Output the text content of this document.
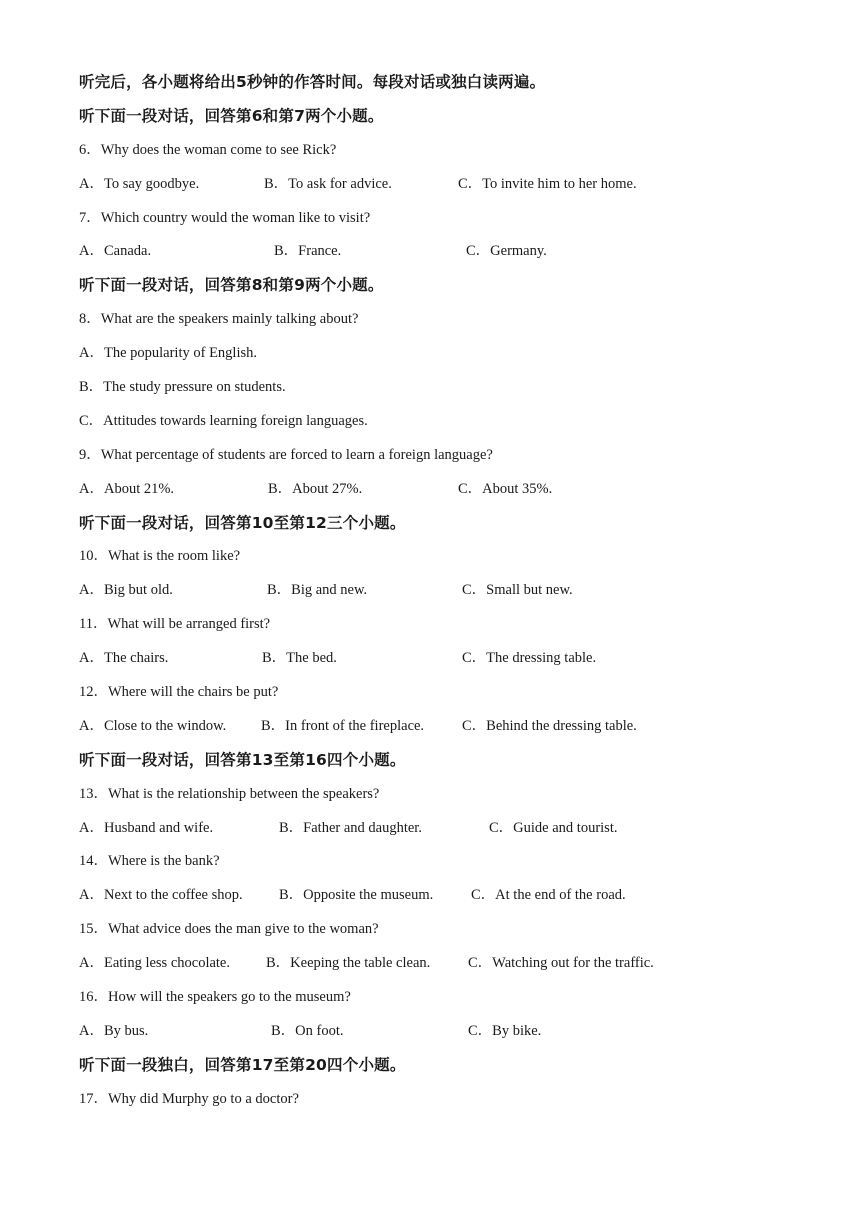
听完后，各小题将给出5秒钟的作答时间。每段对话或独白读两遍。
听下面一段对话，回答第6和第7两个小题。
6．Why does the woman come to see Rick?
A．To say goodbye.	B．To ask for advice.	C．To invite him to her home.
7．Which country would the woman like to visit?
A．Canada.	B．France.	C．Germany.
听下面一段对话，回答第8和第9两个小题。
8．What are the speakers mainly talking about?
A．The popularity of English.
B．The study pressure on students.
C．Attitudes towards learning foreign languages.
9．What percentage of students are forced to learn a foreign language?
A．About 21%.	B．About 27%.	C．About 35%.
听下面一段对话，回答第10至第12三个小题。
10．What is the room like?
A．Big but old.	B．Big and new.	C．Small but new.
11．What will be arranged first?
A．The chairs.	B．The bed.	C．The dressing table.
12．Where will the chairs be put?
A．Close to the window. B．In front of the fireplace.	C．Behind the dressing table.
听下面一段对话，回答第13至第16四个小题。
13．What is the relationship between the speakers?
A．Husband and wife.	B．Father and daughter.	C．Guide and tourist.
14．Where is the bank?
A．Next to the coffee shop.	B．Opposite the museum.	C．At the end of the road.
15．What advice does the man give to the woman?
A．Eating less chocolate. B．Keeping the table clean.	C．Watching out for the traffic.
16．How will the speakers go to the museum?
A．By bus.	B．On foot.	C．By bike.
听下面一段独白，回答第17至第20四个小题。
17．Why did Murphy go to a doctor?
